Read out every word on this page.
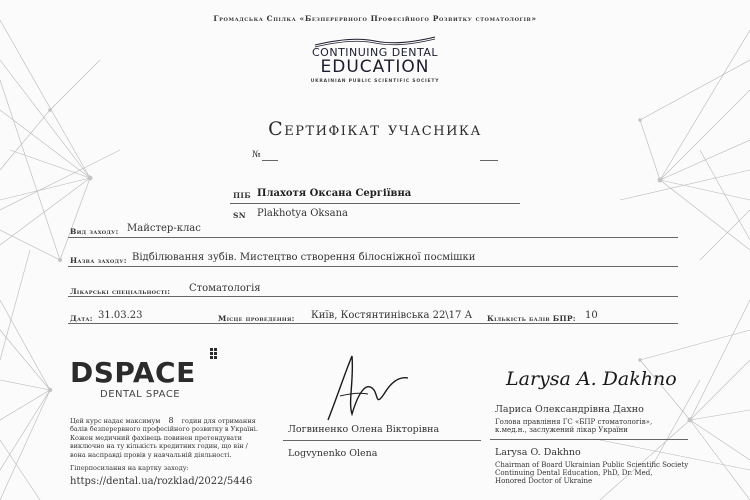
Громадська Спілка «Безперервного Професійного Розвитку стоматологів»
CONTINUING DENTAL
EDUCATION
UKRAINIAN PUBLIC SCIENTIFIC SOCIETY
Сертифікат учасника
№
ПІБ Плахотя Оксана Сергіївна
SN Plakhotya Oksana
Вид заходу: Майстер-клас
Назва заходу: Відбілювання зубів. Мистецтво створення білосніжної посмішки
Лікарські спеціальності: Стоматологія
Дата: 31.03.23	Місце проведення: Київ, Костянтинівська 22\17 А Кількість балів БПР: 10
DSPACE
DENTAL SPACE
Цей курс надає максимум 8 годин для отримання балів безперервного професійного розвитку в Україні. Кожен медичний фахівець повинен претендувати виключно на ту кількість кредитних годин, що він / вона насправді провів у навчальній діяльності.
Гіперпосилання на картку заходу:
https://dental.ua/rozklad/2022/5446
Логвиненко Олена Вікторівна
Logvynenko Olena
Larysa A. Dakhno
Лариса Олександрівна Дахно
Голова правління ГС «БПР стоматологів»,
к.мед.н., заслужений лікар України
Larysa O. Dakhno
Chairman of Board Ukrainian Public Scientific Society
Continuing Dental Education, PhD, Dr. Med,
Honored Doctor of Ukraine
